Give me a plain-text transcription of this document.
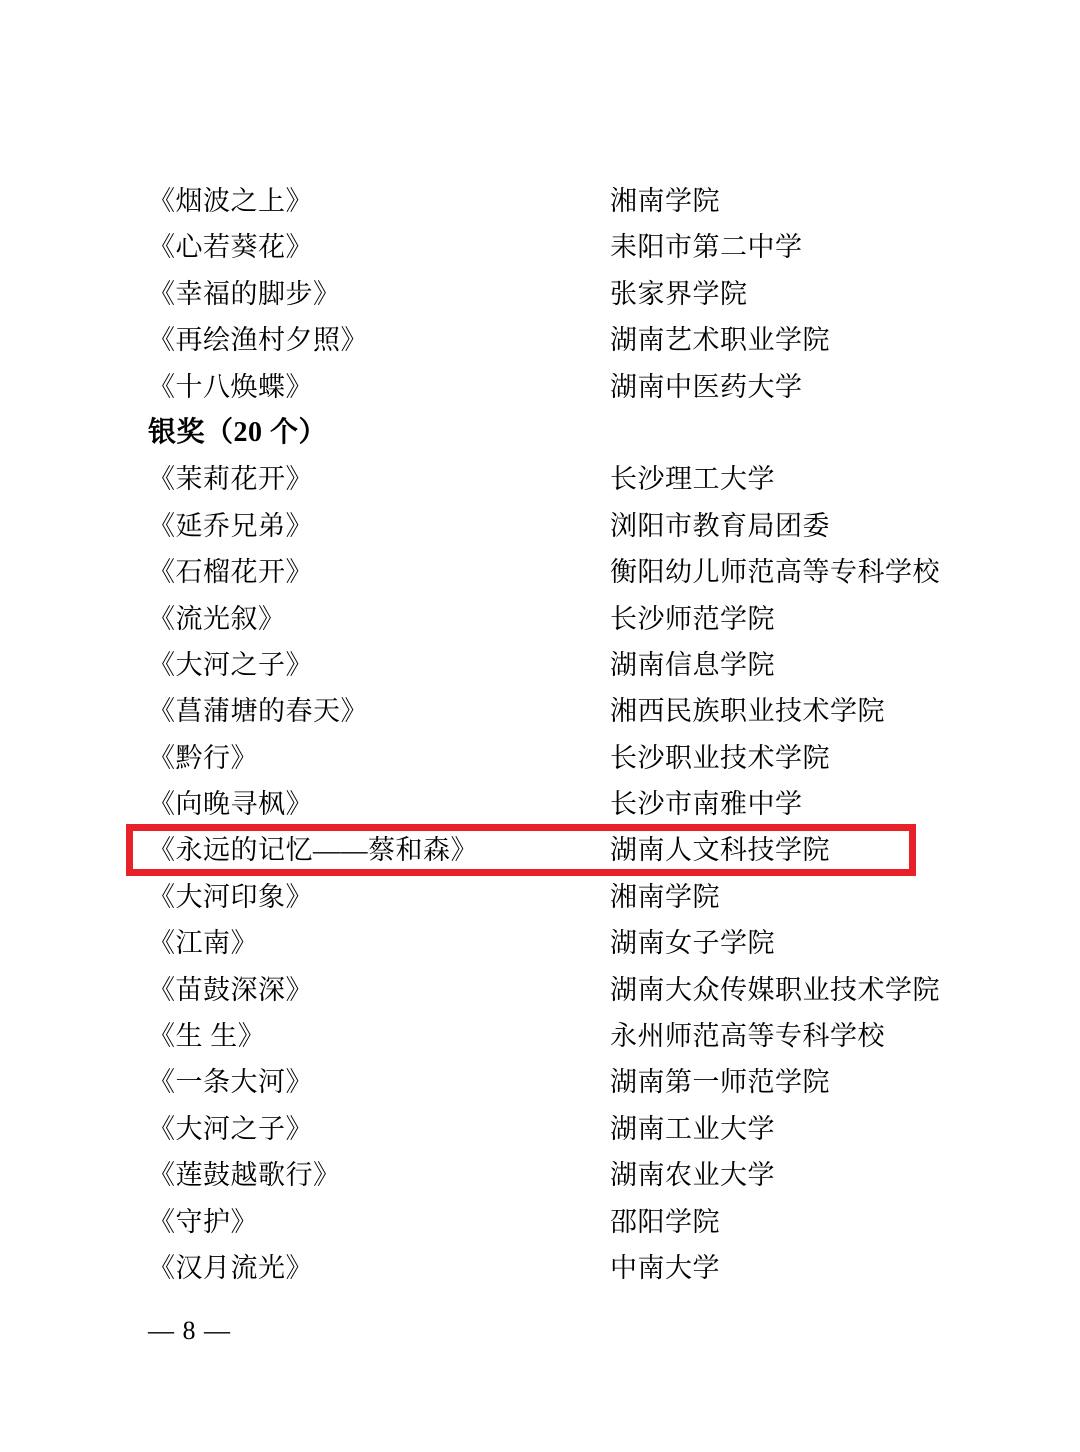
《烟波之上》	湘南学院
《心若葵花》	耒阳市第二中学
《幸福的脚步》	张家界学院
《再绘渔村夕照》	湖南艺术职业学院
《十八焕蝶》	湖南中医药大学
银奖（20 个）
《茉莉花开》	长沙理工大学
《延乔兄弟》	浏阳市教育局团委
《石榴花开》	衡阳幼儿师范高等专科学校
《流光叙》	长沙师范学院
《大河之子》	湖南信息学院
《菖蒲塘的春天》	湘西民族职业技术学院
《黔行》	长沙职业技术学院
《向晚寻枫》	长沙市南雅中学
《永远的记忆——蔡和森》	湖南人文科技学院
《大河印象》	湘南学院
《江南》	湖南女子学院
《苗鼓深深》	湖南大众传媒职业技术学院
《生 生》	永州师范高等专科学校
《一条大河》	湖南第一师范学院
《大河之子》	湖南工业大学
《莲鼓越歌行》	湖南农业大学
《守护》	邵阳学院
《汉月流光》	中南大学
— 8 —
